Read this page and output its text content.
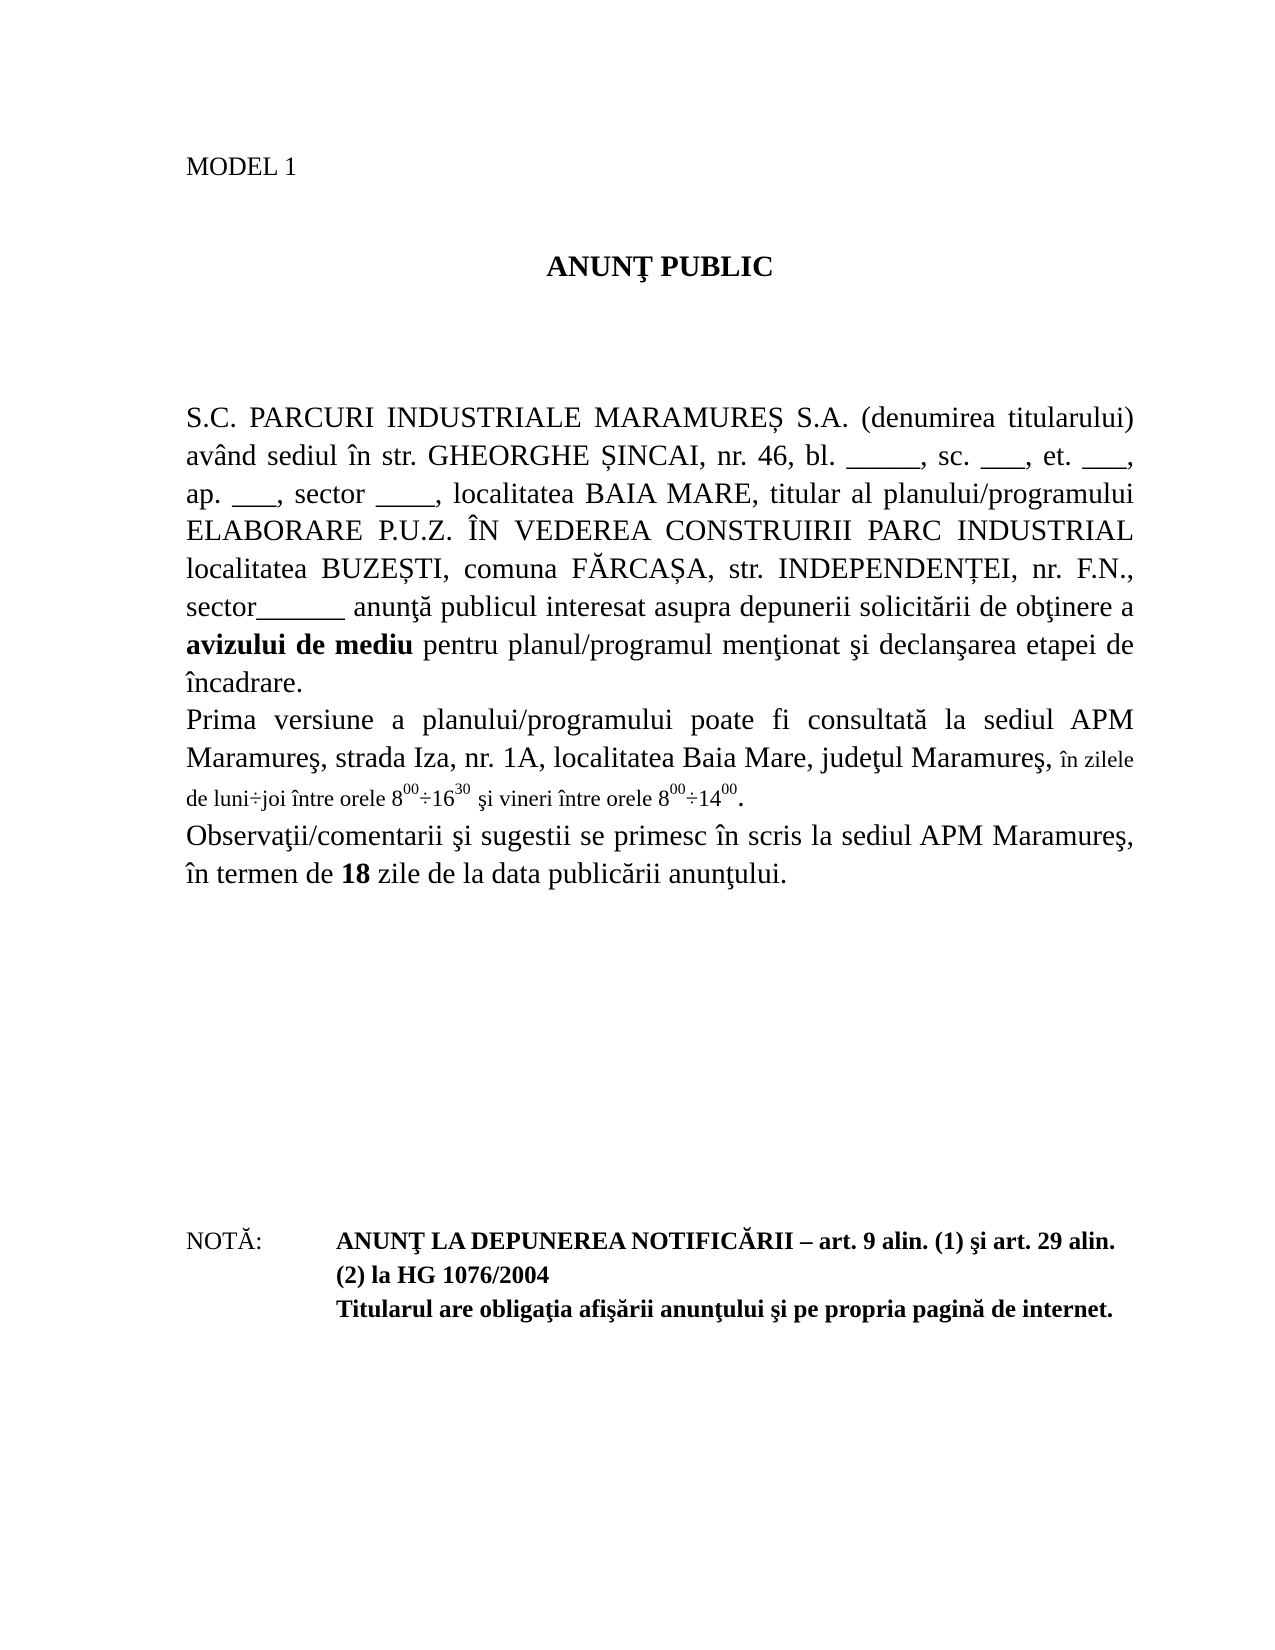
MODEL 1
ANUNŢ PUBLIC

S.C. PARCURI INDUSTRIALE MARAMUREȘ S.A. (denumirea titularului) având sediul în str. GHEORGHE ȘINCAI, nr. 46, bl. _____, sc. ___, et. ___, ap. ___, sector ____, localitatea BAIA MARE, titular al planului/programului ELABORARE P.U.Z. ÎN VEDEREA CONSTRUIRII PARC INDUSTRIAL localitatea BUZEȘTI, comuna FĂRCAȘA, str. INDEPENDENȚEI, nr. F.N., sector______ anunţă publicul interesat asupra depunerii solicitării de obţinere a avizului de mediu pentru planul/programul menţionat şi declanşarea etapei de încadrare.

Prima versiune a planului/programului poate fi consultată la sediul APM Maramureş, strada Iza, nr. 1A, localitatea Baia Mare, judeţul Maramureş, în zilele de luni÷joi între orele $8^{00}\div 16^{30}$ şi vineri între orele $8^{00}\div 14^{00}$.

Observaţii/comentarii şi sugestii se primesc în scris la sediul APM Maramureş, în termen de 18 zile de la data publicării anunţului.

NOTĂ:	ANUNŢ LA DEPUNEREA NOTIFICĂRII – art. 9 alin. (1) şi art. 29 alin. (2) la HG 1076/2004

Titularul are obligaţia afişării anunţului şi pe propria pagină de internet.
